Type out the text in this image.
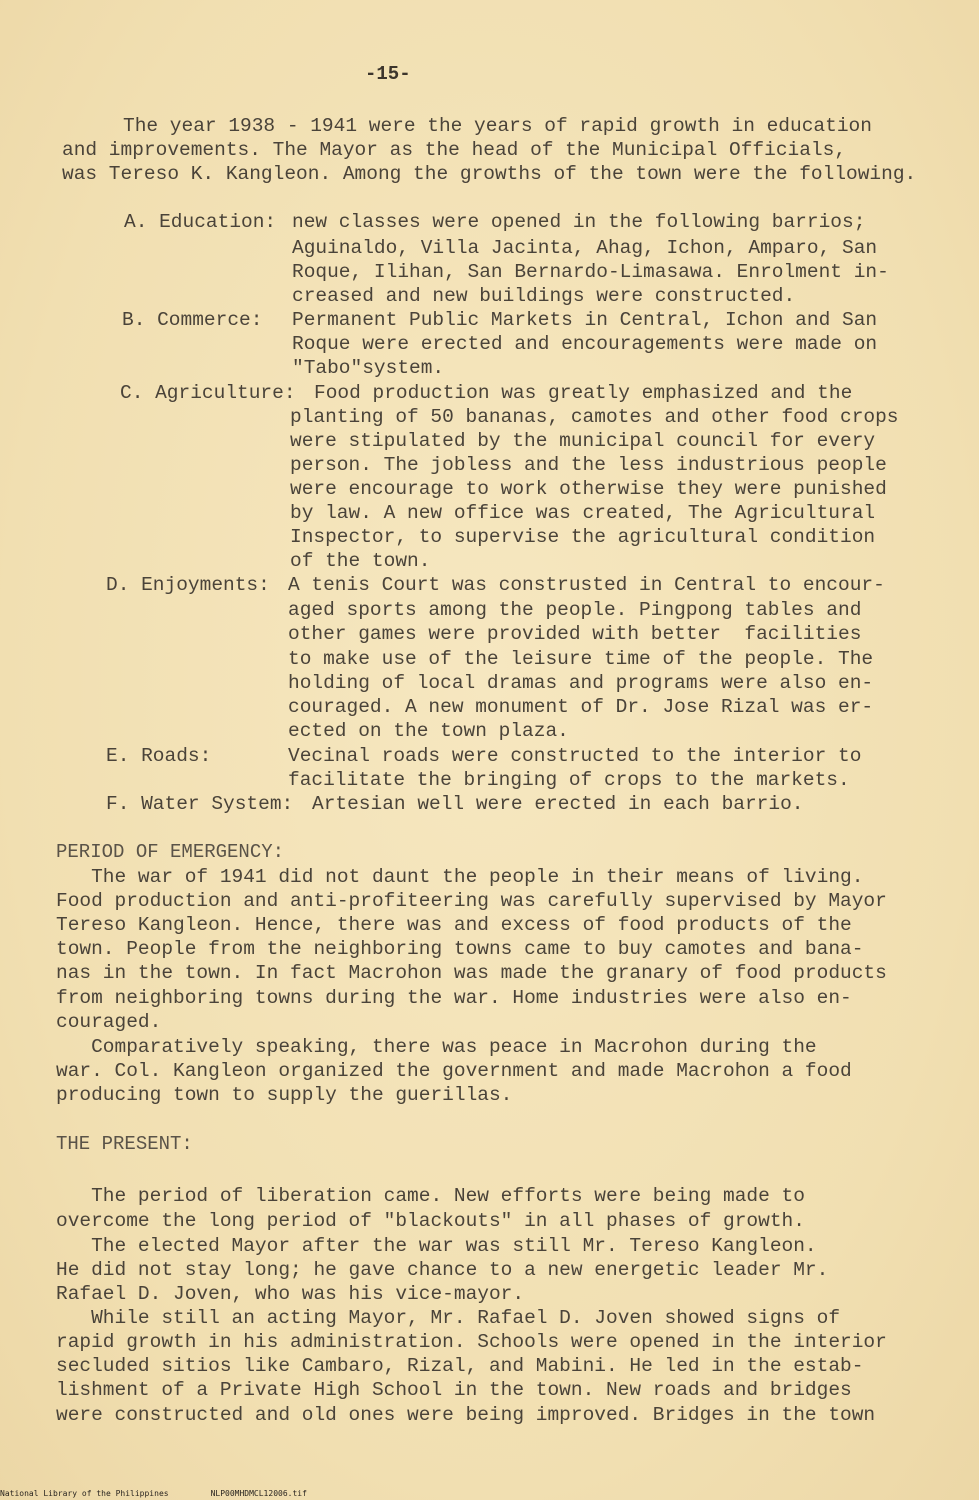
-15-

The year 1938 - 1941 were the years of rapid growth in education

and improvements. The Mayor as the head of the Municipal Officials,

was Tereso K. Kangleon. Among the growths of the town were the following.

A. Education:

new classes were opened in the following barrios;

Aguinaldo, Villa Jacinta, Ahag, Ichon, Amparo, San

Roque, Ilihan, San Bernardo-Limasawa. Enrolment in-

creased and new buildings were constructed.

B. Commerce:

Permanent Public Markets in Central, Ichon and San

Roque were erected and encouragements were made on

"Tabo"system.

C. Agriculture:

Food production was greatly emphasized and the

planting of 50 bananas, camotes and other food crops

were stipulated by the municipal council for every

person. The jobless and the less industrious people

were encourage to work otherwise they were punished

by law. A new office was created, The Agricultural

Inspector, to supervise the agricultural condition

of the town.

D. Enjoyments:

A tenis Court was construsted in Central to encour-

aged sports among the people. Pingpong tables and

other games were provided with better  facilities

to make use of the leisure time of the people. The

holding of local dramas and programs were also en-

couraged. A new monument of Dr. Jose Rizal was er-

ected on the town plaza.

E. Roads:

	Vecinal roads were constructed to the interior to

facilitate the bringing of crops to the markets.

F. Water System:

Artesian well were erected in each barrio.

PERIOD OF EMERGENCY:

The war of 1941 did not daunt the people in their means of living.

Food production and anti-profiteering was carefully supervised by Mayor

Tereso Kangleon. Hence, there was and excess of food products of the

town. People from the neighboring towns came to buy camotes and bana-

nas in the town. In fact Macrohon was made the granary of food products

from neighboring towns during the war. Home industries were also en-

couraged.

Comparatively speaking, there was peace in Macrohon during the

war. Col. Kangleon organized the government and made Macrohon a food

producing town to supply the guerillas.

THE PRESENT:

The period of liberation came. New efforts were being made to

overcome the long period of "blackouts" in all phases of growth.

The elected Mayor after the war was still Mr. Tereso Kangleon.

He did not stay long; he gave chance to a new energetic leader Mr.

Rafael D. Joven, who was his vice-mayor.

While still an acting Mayor, Mr. Rafael D. Joven showed signs of

rapid growth in his administration. Schools were opened in the interior

secluded sitios like Cambaro, Rizal, and Mabini. He led in the estab-

lishment of a Private High School in the town. New roads and bridges

were constructed and old ones were being improved. Bridges in the town

National Library of the Philippines	NLP00MHDMCL12006.tif
